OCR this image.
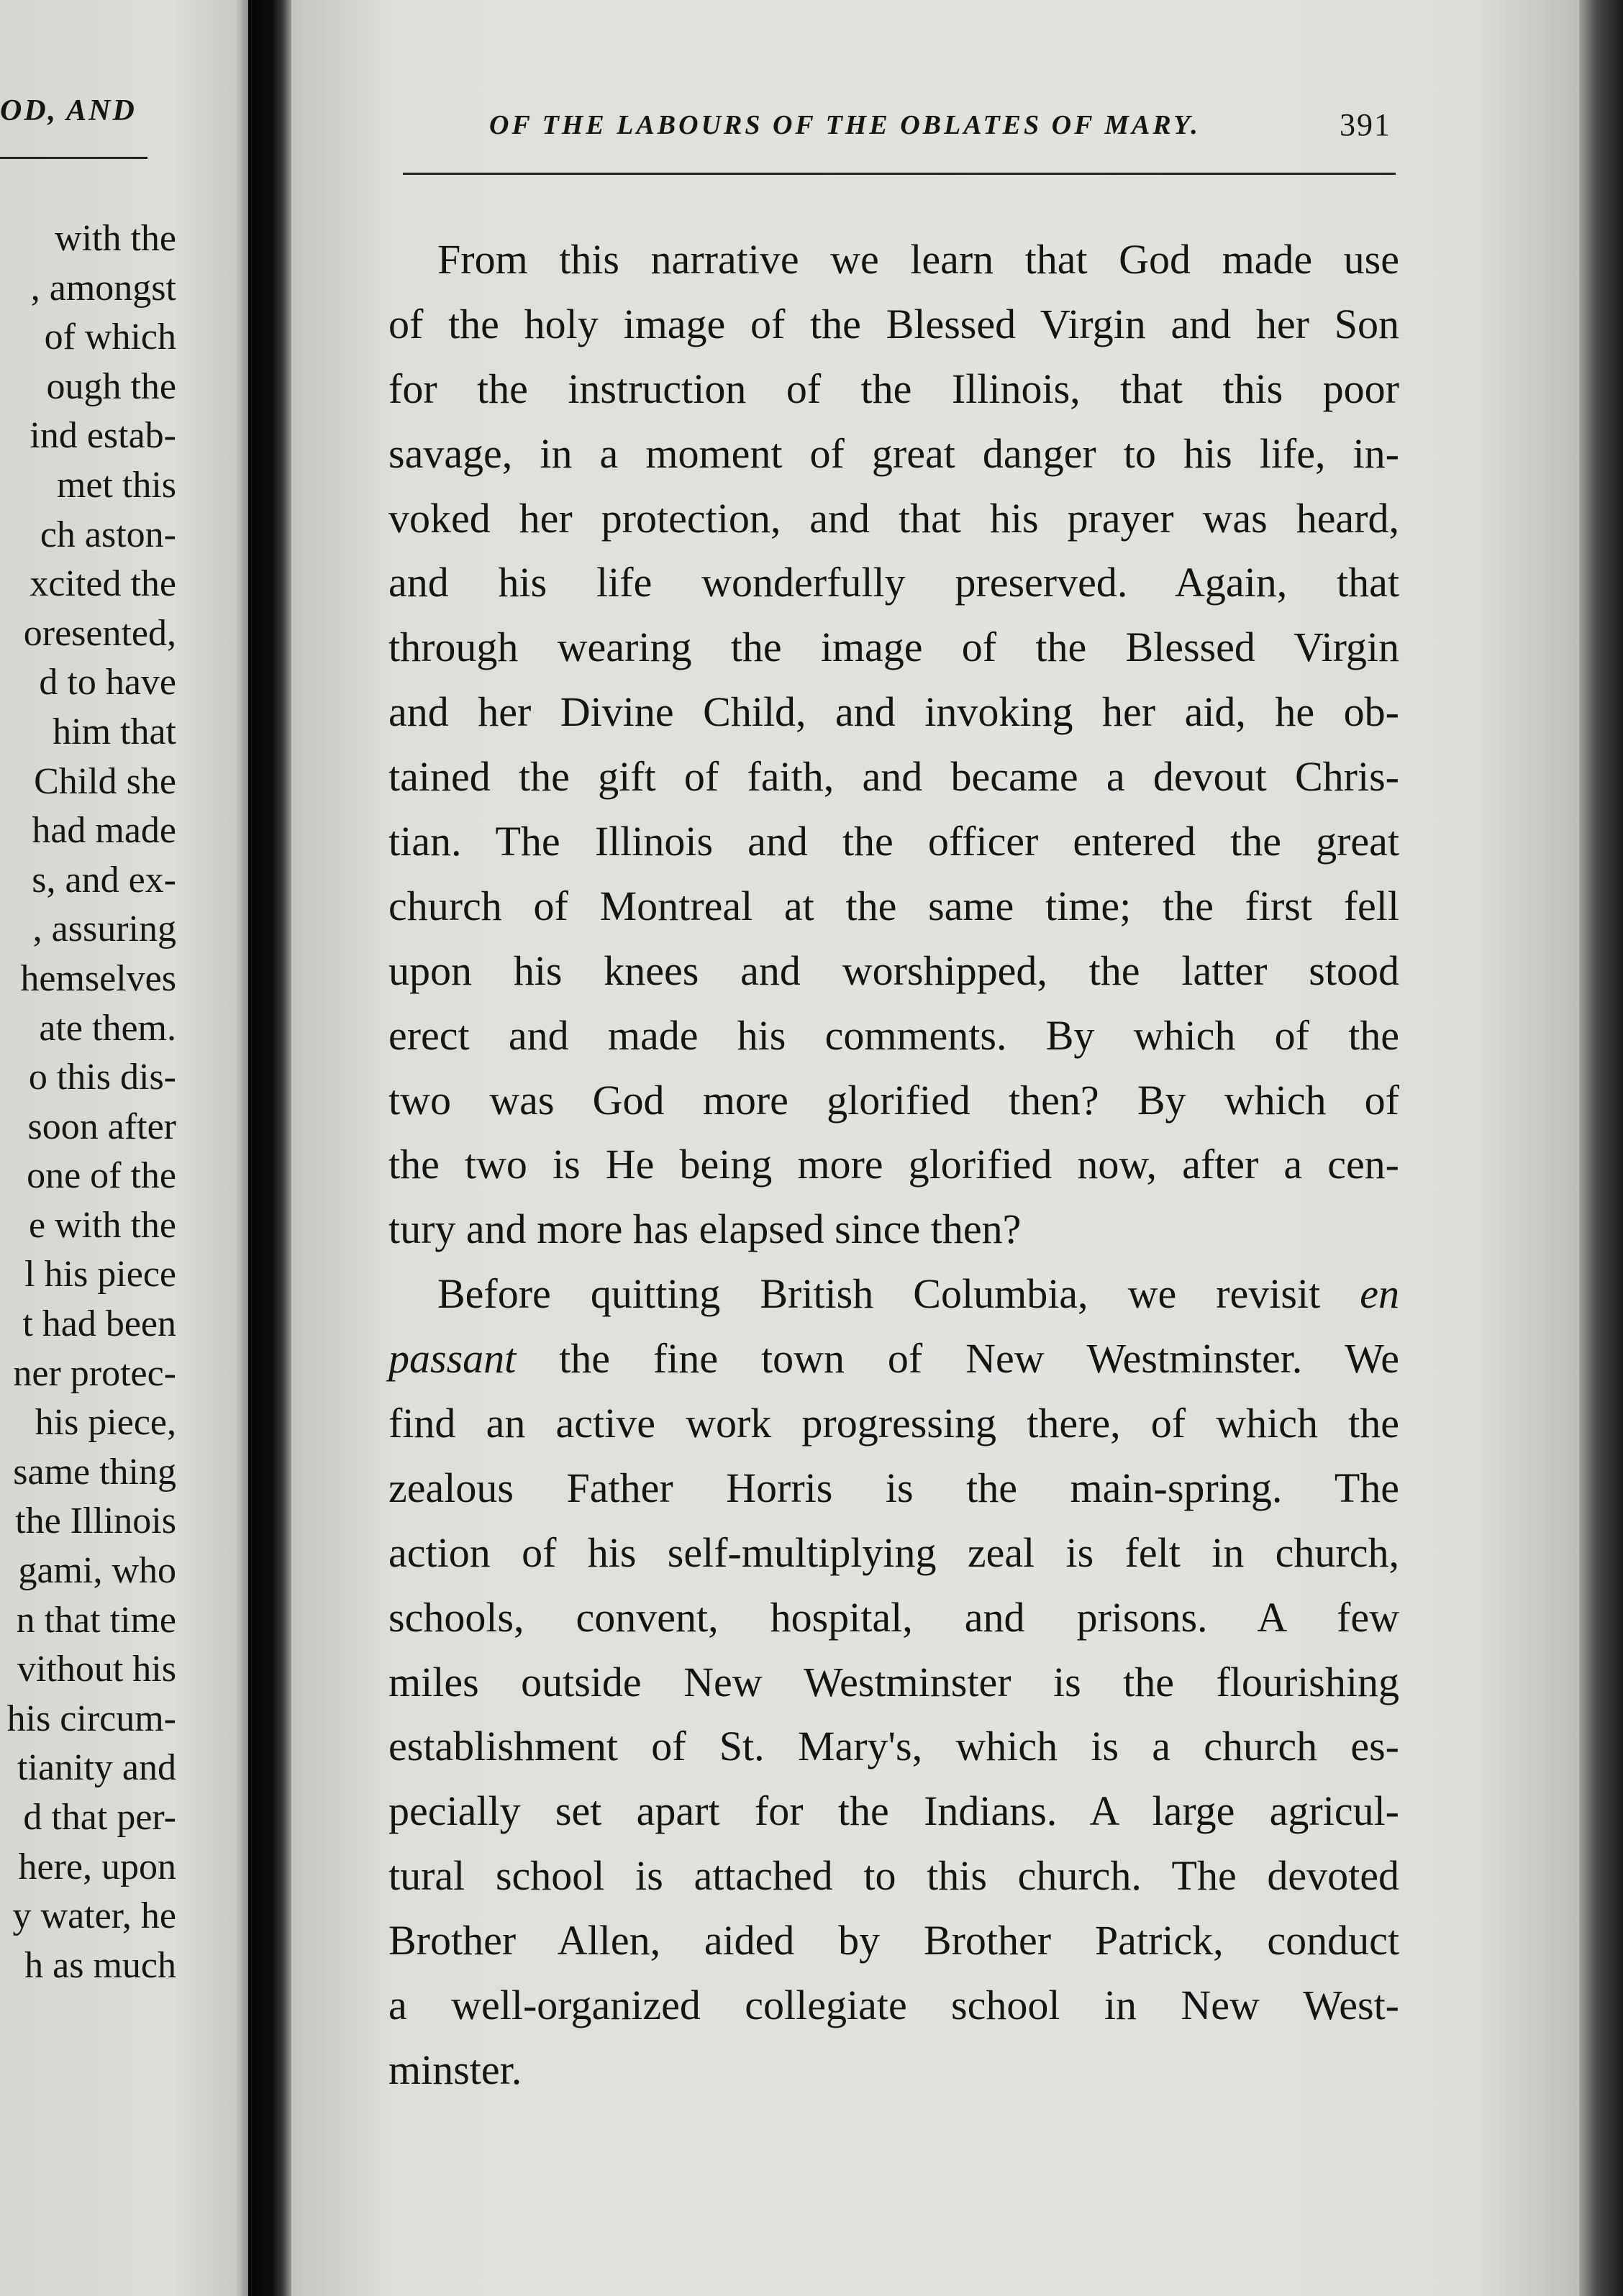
OD, AND
with the
, amongst
of which
ough the
ind estab-
met this
ch aston-
xcited the
oresented,
d to have
him that
Child she
had made
s, and ex-
, assuring
hemselves
ate them.
o this dis-
soon after
one of the
e with the
l his piece
t had been
ner protec-
his piece,
same thing
the Illinois
gami, who
n that time
vithout his
his circum-
tianity and
d that per-
here, upon
y water, he
h as much
OF THE LABOURS OF THE OBLATES OF MARY.	391
From this narrative we learn that God made use
of the holy image of the Blessed Virgin and her Son
for the instruction of the Illinois, that this poor
savage, in a moment of great danger to his life, in-
voked her protection, and that his prayer was heard,
and his life wonderfully preserved. Again, that
through wearing the image of the Blessed Virgin
and her Divine Child, and invoking her aid, he ob-
tained the gift of faith, and became a devout Chris-
tian. The Illinois and the officer entered the great
church of Montreal at the same time; the first fell
upon his knees and worshipped, the latter stood
erect and made his comments. By which of the
two was God more glorified then? By which of
the two is He being more glorified now, after a cen-
tury and more has elapsed since then?
Before quitting British Columbia, we revisit en
passant the fine town of New Westminster. We
find an active work progressing there, of which the
zealous Father Horris is the main-spring. The
action of his self-multiplying zeal is felt in church,
schools, convent, hospital, and prisons. A few
miles outside New Westminster is the flourishing
establishment of St. Mary's, which is a church es-
pecially set apart for the Indians. A large agricul-
tural school is attached to this church. The devoted
Brother Allen, aided by Brother Patrick, conduct
a well-organized collegiate school in New West-
minster.
